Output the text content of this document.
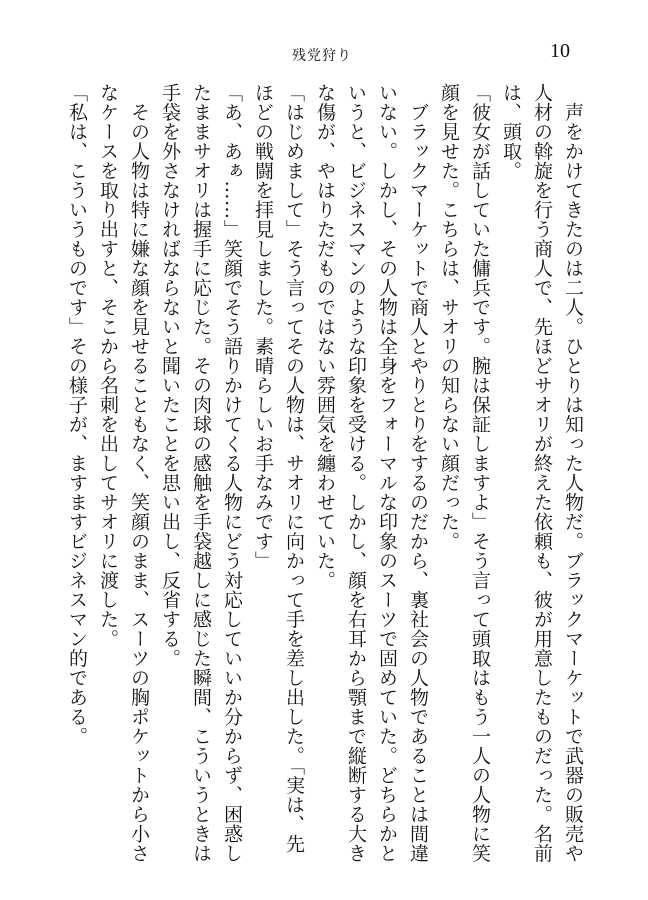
残党狩り	10
　声をかけてきたのは二人。ひとりは知った人物だ。ブラックマーケットで武器の販売や
人材の斡旋を行う商人で、先ほどサオリが終えた依頼も、彼が用意したものだった。名前
は、頭取。
「彼女が話していた傭兵です。腕は保証しますよ」そう言って頭取はもう一人の人物に笑
顔を見せた。こちらは、サオリの知らない顔だった。
　ブラックマーケットで商人とやりとりをするのだから、裏社会の人物であることは間違
いない。しかし、その人物は全身をフォーマルな印象のスーツで固めていた。どちらかと
いうと、ビジネスマンのような印象を受ける。しかし、顔を右耳から顎まで縦断する大き
な傷が、やはりただものではない雰囲気を纏わせていた。
「はじめまして」そう言ってその人物は、サオリに向かって手を差し出した。「実は、先
ほどの戦闘を拝見しました。素晴らしいお手なみです」
「あ、あぁ……」笑顔でそう語りかけてくる人物にどう対応していいか分からず、困惑し
たままサオリは握手に応じた。その肉球の感触を手袋越しに感じた瞬間、こういうときは
手袋を外さなければならないと聞いたことを思い出し、反省する。
　その人物は特に嫌な顔を見せることもなく、笑顔のまま、スーツの胸ポケットから小さ
なケースを取り出すと、そこから名刺を出してサオリに渡した。
「私は、こういうものです」その様子が、ますますビジネスマン的である。
